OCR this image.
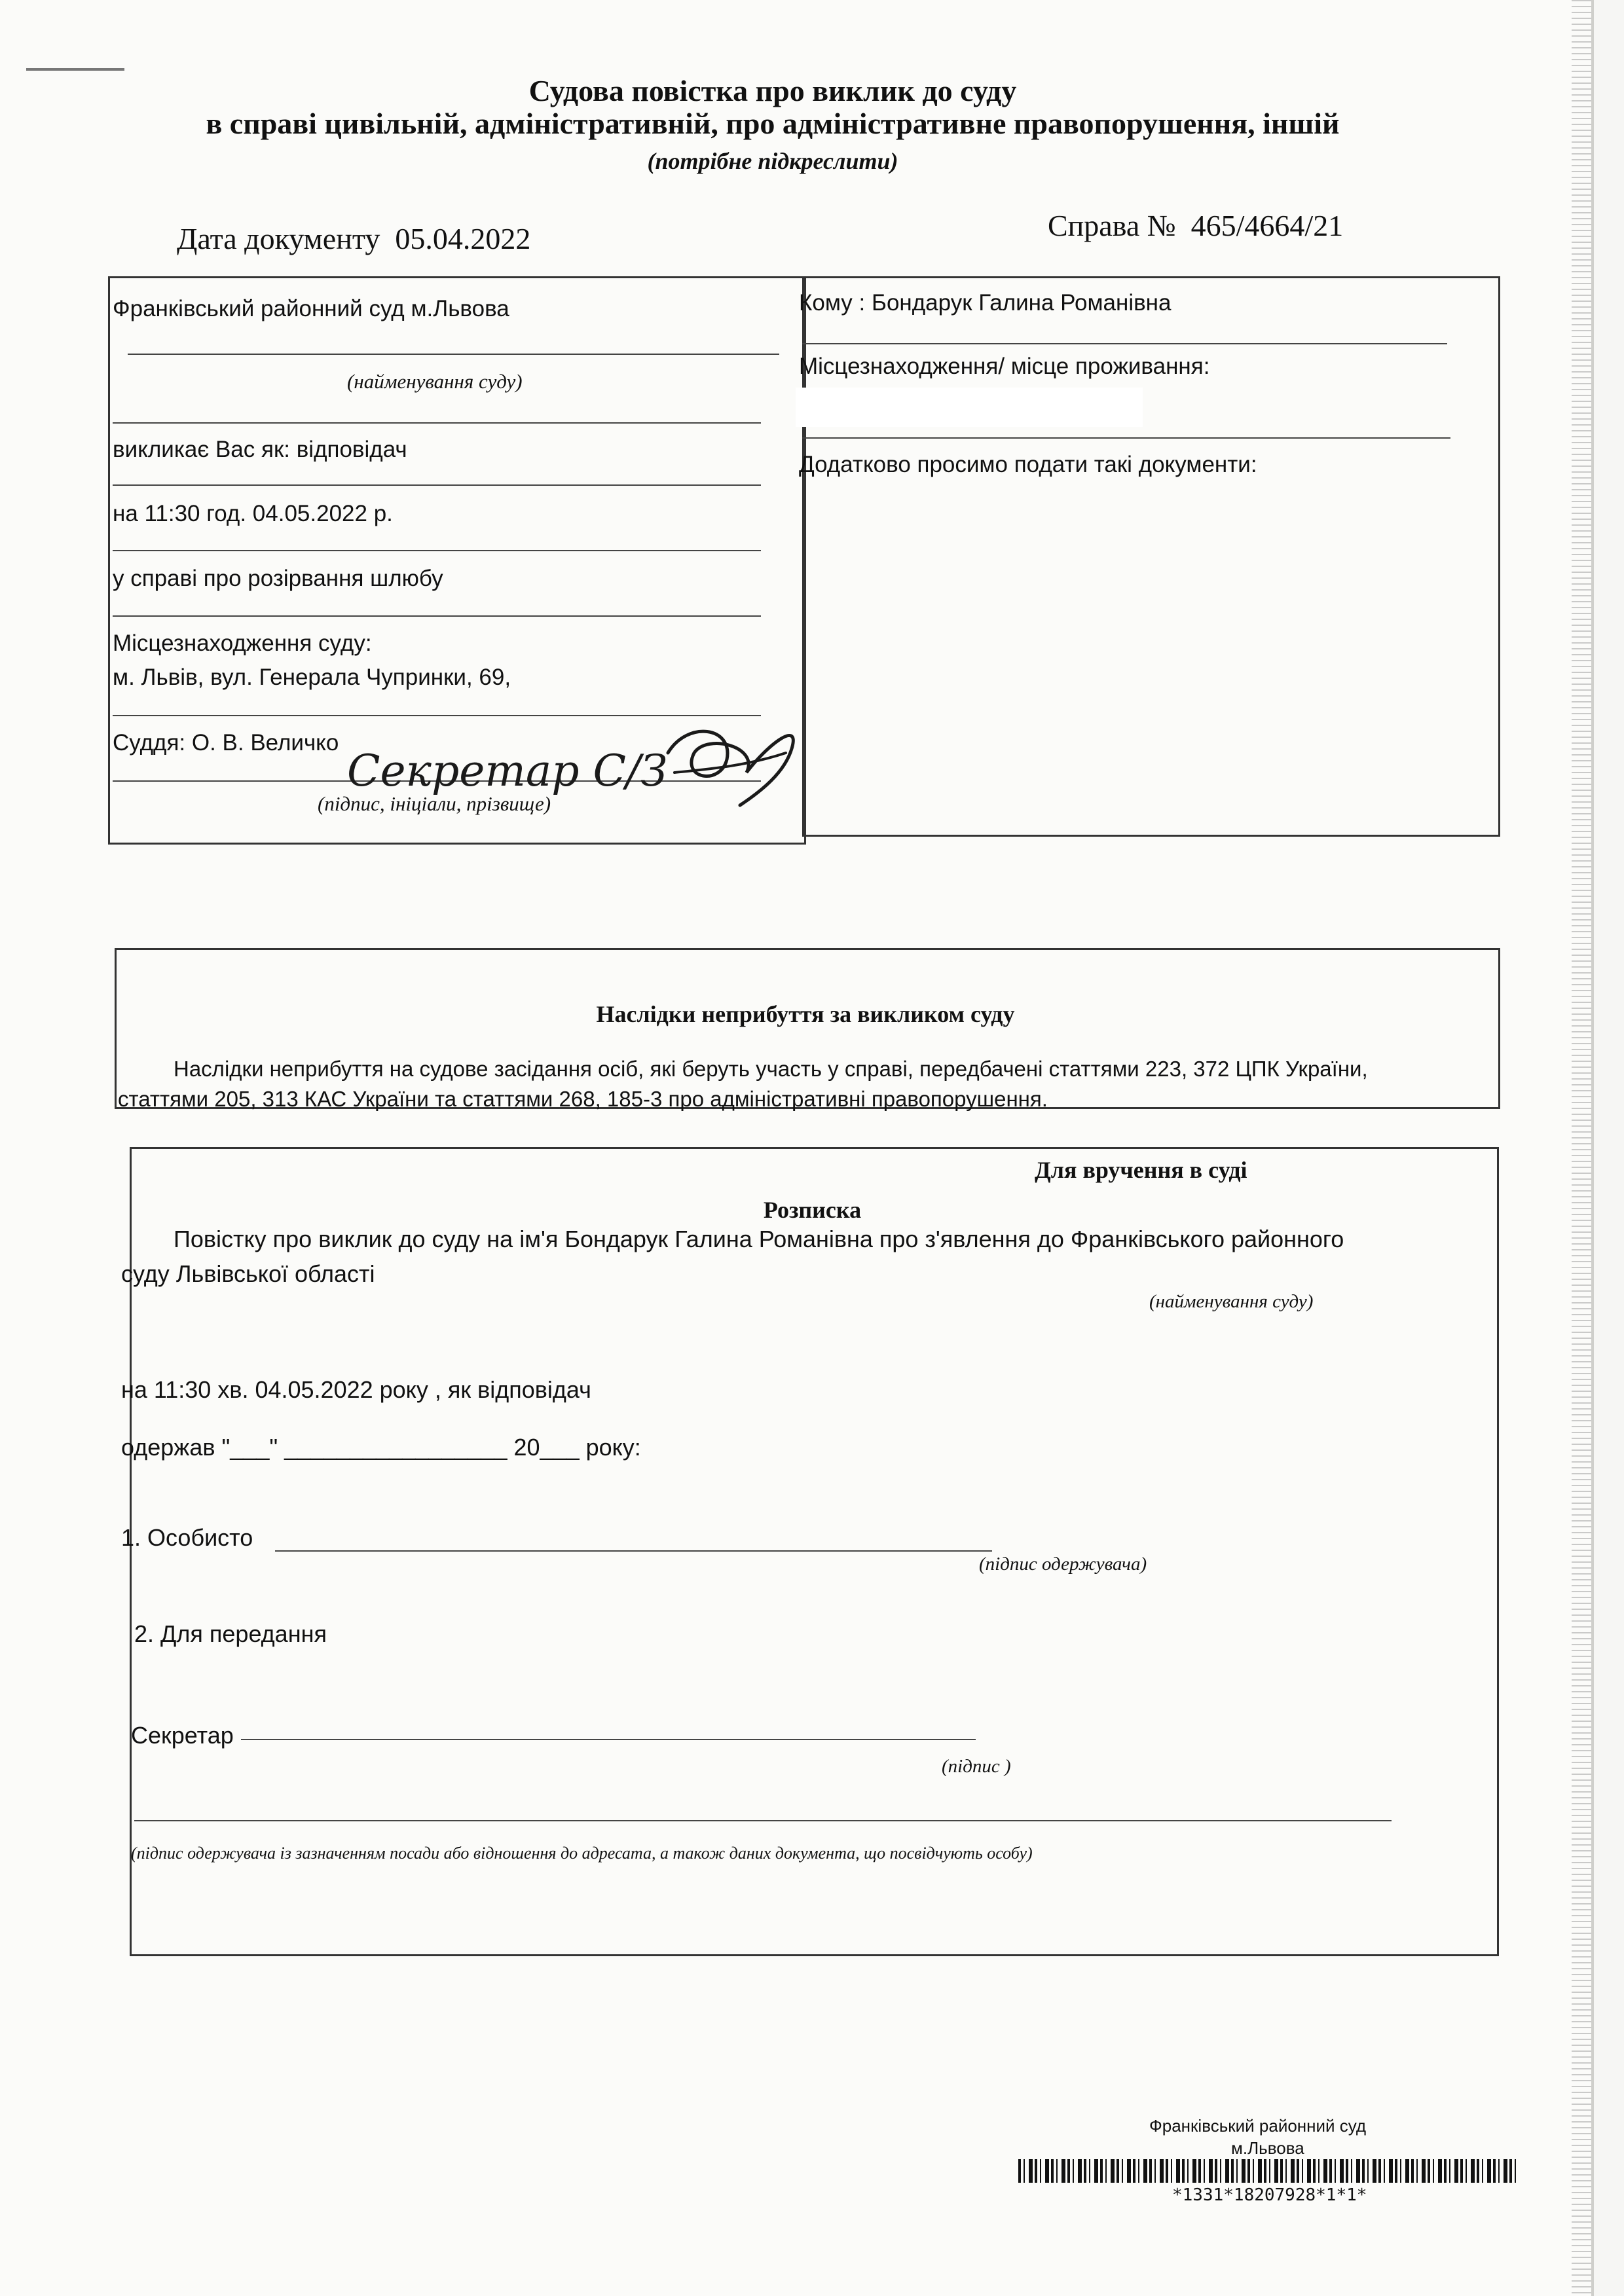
Судова повістка про виклик до суду
в справі цивільній, адміністративній, про адміністративне правопорушення, іншій
(потрібне підкреслити)
Дата документу 05.04.2022	Справа № 465/4664/21
Франківський районний суд м.Львова
(найменування суду)
викликає Вас як: відповідач
на 11:30 год. 04.05.2022 р.
у справі про розірвання шлюбу
Місцезнаходження суду:
м. Львів, вул. Генерала Чупринки, 69,
Суддя: О. В. Величко
(підпис, ініціали, прізвище)
Секретар С/З
Кому : Бондарук Галина Романівна
Місцезнаходження/ місце проживання:
Додатково просимо подати такі документи:
Наслідки неприбуття за викликом суду
Наслідки неприбуття на судове засідання осіб, які беруть участь у справі, передбачені статтями 223, 372 ЦПК України,
статтями 205, 313 КАС України та статтями 268, 185-3 про адміністративні правопорушення.
Для вручення в суді
Розписка
Повістку про виклик до суду на ім'я Бондарук Галина Романівна про з'явлення до Франківського районного
суду Львівської області
(найменування суду)
на 11:30 хв. 04.05.2022 року , як відповідач
одержав "___" _________________ 20___ року:
1. Особисто
(підпис одержувача)
2. Для передання
Секретар
(підпис )
(підпис одержувача із зазначенням посади або відношення до адресата, а також даних документа, що посвідчують особу)
Франківський районний суд
м.Львова
*1331*18207928*1*1*
